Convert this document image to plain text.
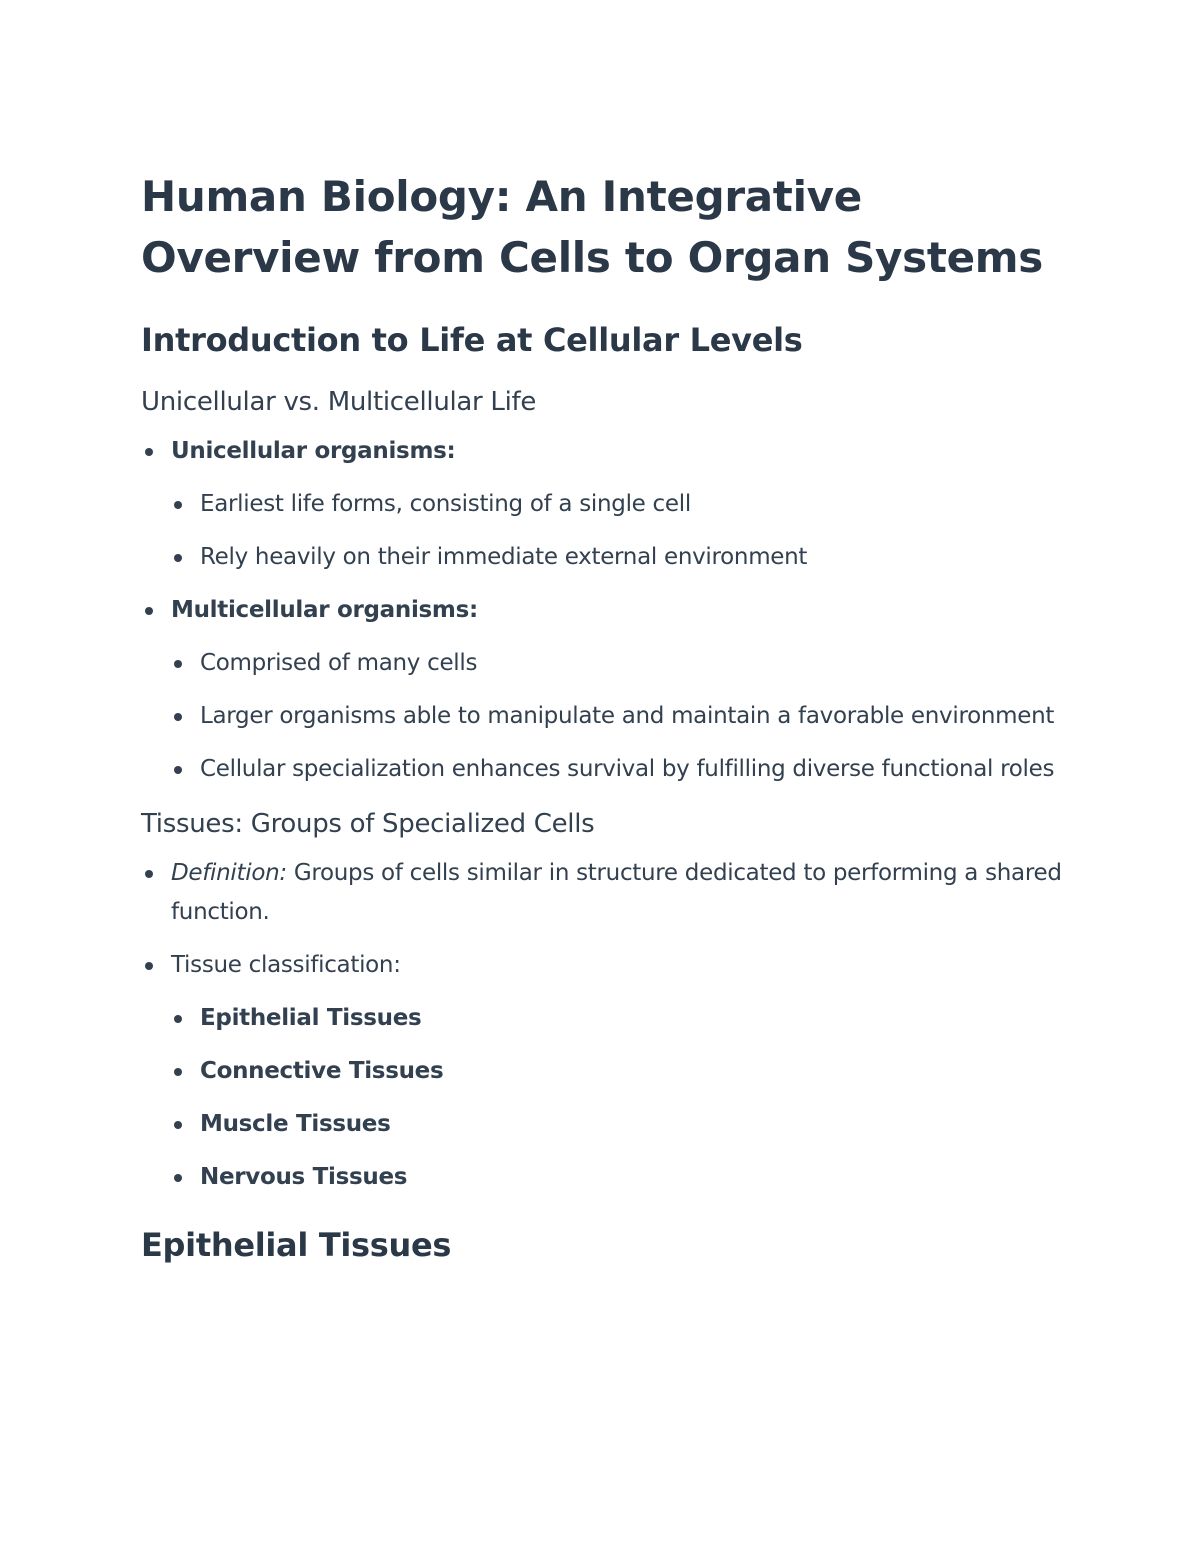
Human Biology: An Integrative Overview from Cells to Organ Systems
Introduction to Life at Cellular Levels
Unicellular vs. Multicellular Life
Unicellular organisms:
Earliest life forms, consisting of a single cell
Rely heavily on their immediate external environment
Multicellular organisms:
Comprised of many cells
Larger organisms able to manipulate and maintain a favorable environment
Cellular specialization enhances survival by fulfilling diverse functional roles
Tissues: Groups of Specialized Cells
Definition: Groups of cells similar in structure dedicated to performing a shared function.
Tissue classification:
Epithelial Tissues
Connective Tissues
Muscle Tissues
Nervous Tissues
Epithelial Tissues
